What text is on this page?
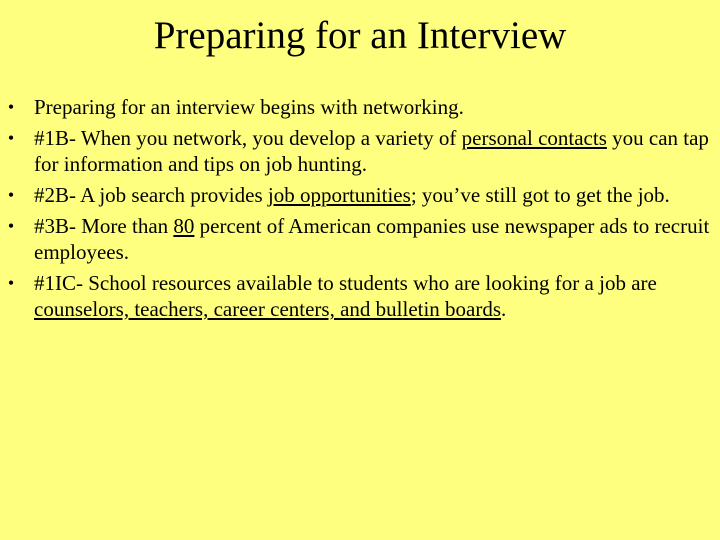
Preparing for an Interview
• Preparing for an interview begins with networking.
• #1B- When you network, you develop a variety of personal contacts you can tap for information and tips on job hunting.
• #2B- A job search provides job opportunities; you’ve still got to get the job.
• #3B- More than 80 percent of American companies use newspaper ads to recruit employees.
• #1IC- School resources available to students who are looking for a job are counselors, teachers, career centers, and bulletin boards.
